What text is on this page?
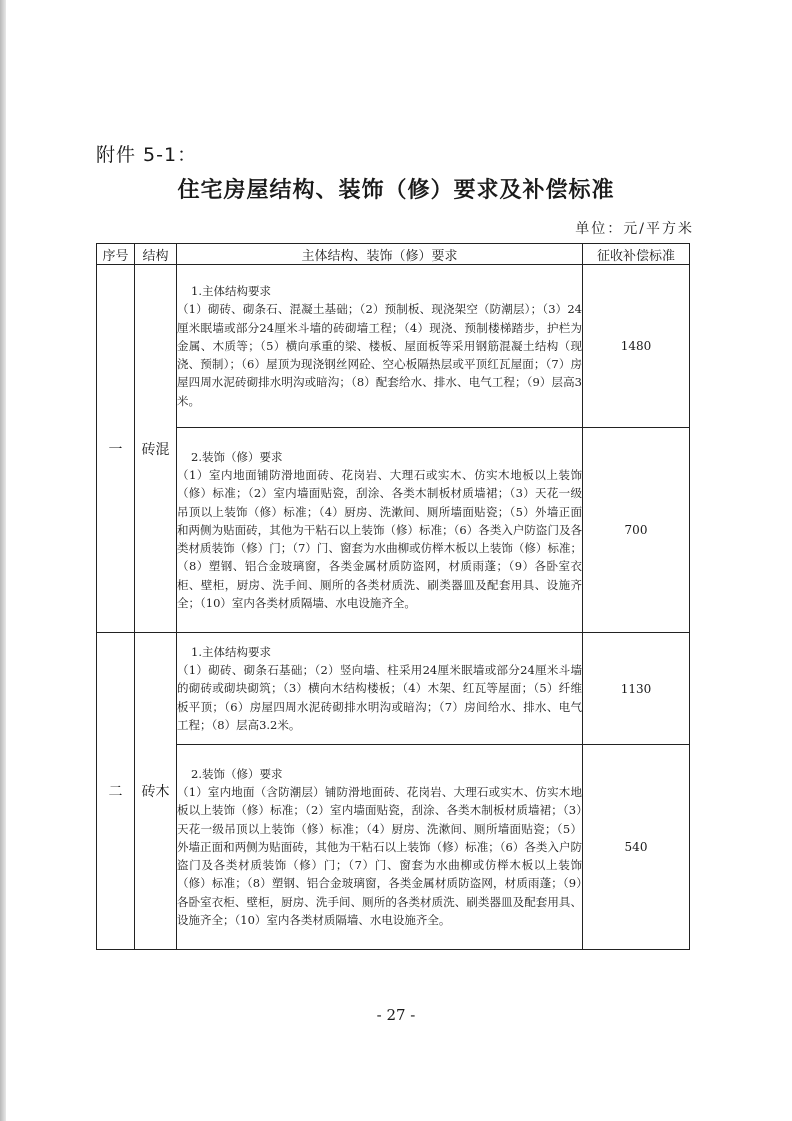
附件 5-1：
住宅房屋结构、装饰（修）要求及补偿标准
单位：元/平方米
序号	结构	主体结构、装饰（修）要求	征收补偿标准
一	砖混	1.主体结构要求
（1）砌砖、砌条石、混凝土基础；（2）预制板、现浇架空（防潮层）；（3）24厘米眠墙或部分24厘米斗墙的砖砌墙工程；（4）现浇、预制楼梯踏步，护栏为金属、木质等；（5）横向承重的梁、楼板、屋面板等采用钢筋混凝土结构（现浇、预制）；（6）屋顶为现浇钢丝网砼、空心板隔热层或平顶红瓦屋面；（7）房屋四周水泥砖砌排水明沟或暗沟；（8）配套给水、排水、电气工程；（9）层高3米。	1480

		2.装饰（修）要求
（1）室内地面铺防滑地面砖、花岗岩、大理石或实木、仿实木地板以上装饰（修）标准；（2）室内墙面贴瓷，刮涂、各类木制板材质墙裙；（3）天花一级吊顶以上装饰（修）标准；（4）厨房、洗漱间、厕所墙面贴瓷；（5）外墙正面和两侧为贴面砖，其他为干粘石以上装饰（修）标准；（6）各类入户防盗门及各类材质装饰（修）门；（7）门、窗套为水曲柳或仿榉木板以上装饰（修）标准；（8）塑钢、铝合金玻璃窗，各类金属材质防盗网，材质雨蓬；（9）各卧室衣柜、壁柜，厨房、洗手间、厕所的各类材质洗、刷类器皿及配套用具、设施齐全；（10）室内各类材质隔墙、水电设施齐全。	700
二	砖木	1.主体结构要求
（1）砌砖、砌条石基础；（2）竖向墙、柱采用24厘米眠墙或部分24厘米斗墙的砌砖或砌块砌筑；（3）横向木结构楼板；（4）木架、红瓦等屋面；（5）纤维板平顶；（6）房屋四周水泥砖砌排水明沟或暗沟；（7）房间给水、排水、电气工程；（8）层高3.2米。	1130

		2.装饰（修）要求
（1）室内地面（含防潮层）铺防滑地面砖、花岗岩、大理石或实木、仿实木地板以上装饰（修）标准；（2）室内墙面贴瓷，刮涂、各类木制板材质墙裙；（3）天花一级吊顶以上装饰（修）标准；（4）厨房、洗漱间、厕所墙面贴瓷；（5）外墙正面和两侧为贴面砖，其他为干粘石以上装饰（修）标准；（6）各类入户防盗门及各类材质装饰（修）门；（7）门、窗套为水曲柳或仿榉木板以上装饰（修）标准；（8）塑钢、铝合金玻璃窗，各类金属材质防盗网，材质雨蓬；（9）各卧室衣柜、壁柜，厨房、洗手间、厕所的各类材质洗、刷类器皿及配套用具、设施齐全；（10）室内各类材质隔墙、水电设施齐全。	540
- 27 -
